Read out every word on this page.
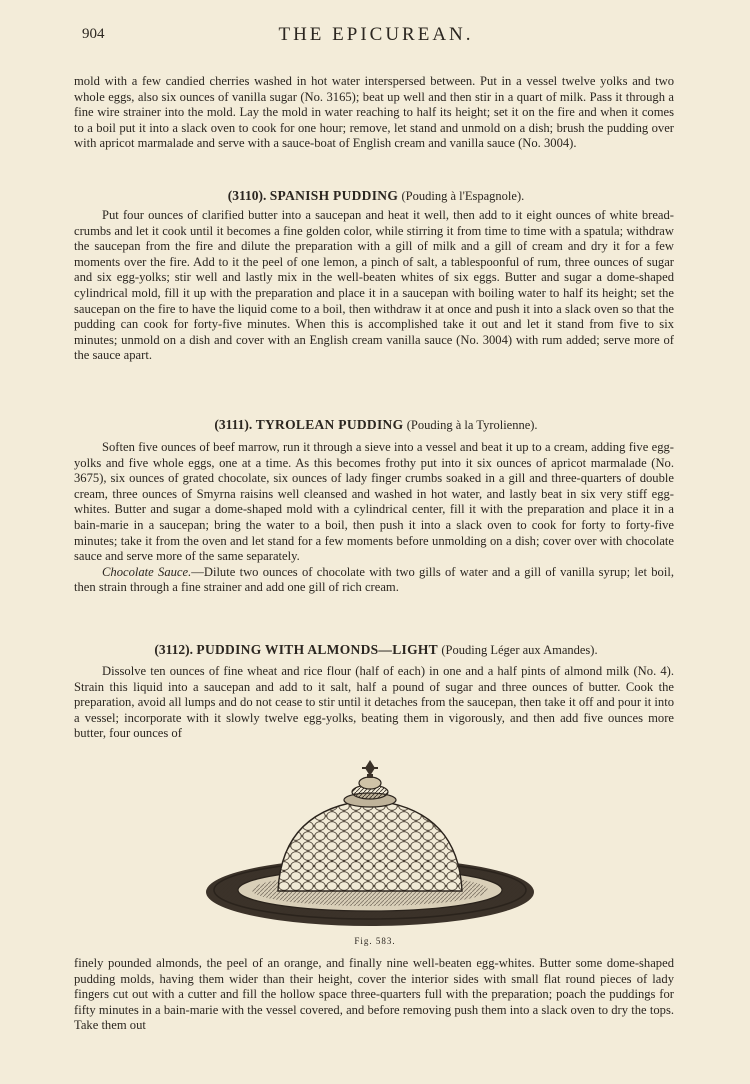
904	THE EPICUREAN.

mold with a few candied cherries washed in hot water interspersed between. Put in a vessel twelve yolks and two whole eggs, also six ounces of vanilla sugar (No. 3165); beat up well and then stir in a quart of milk. Pass it through a fine wire strainer into the mold. Lay the mold in water reaching to half its height; set it on the fire and when it comes to a boil put it into a slack oven to cook for one hour; remove, let stand and unmold on a dish; brush the pudding over with apricot marmalade and serve with a sauce-boat of English cream and vanilla sauce (No. 3004).

(3110). SPANISH PUDDING (Pouding à l'Espagnole).

Put four ounces of clarified butter into a saucepan and heat it well, then add to it eight ounces of white bread-crumbs and let it cook until it becomes a fine golden color, while stirring it from time to time with a spatula; withdraw the saucepan from the fire and dilute the preparation with a gill of milk and a gill of cream and dry it for a few moments over the fire. Add to it the peel of one lemon, a pinch of salt, a tablespoonful of rum, three ounces of sugar and six egg-yolks; stir well and lastly mix in the well-beaten whites of six eggs. Butter and sugar a dome-shaped cylindrical mold, fill it up with the preparation and place it in a saucepan with boiling water to half its height; set the saucepan on the fire to have the liquid come to a boil, then withdraw it at once and push it into a slack oven so that the pudding can cook for forty-five minutes. When this is accomplished take it out and let it stand from five to six minutes; unmold on a dish and cover with an English cream vanilla sauce (No. 3004) with rum added; serve more of the sauce apart.

(3111). TYROLEAN PUDDING (Pouding à la Tyrolienne).

Soften five ounces of beef marrow, run it through a sieve into a vessel and beat it up to a cream, adding five egg-yolks and five whole eggs, one at a time. As this becomes frothy put into it six ounces of apricot marmalade (No. 3675), six ounces of grated chocolate, six ounces of lady finger crumbs soaked in a gill and three-quarters of double cream, three ounces of Smyrna raisins well cleansed and washed in hot water, and lastly beat in six very stiff egg-whites. Butter and sugar a dome-shaped mold with a cylindrical center, fill it with the preparation and place it in a bain-marie in a saucepan; bring the water to a boil, then push it into a slack oven to cook for forty to forty-five minutes; take it from the oven and let stand for a few moments before unmolding on a dish; cover over with chocolate sauce and serve more of the same separately.

Chocolate Sauce.—Dilute two ounces of chocolate with two gills of water and a gill of vanilla syrup; let boil, then strain through a fine strainer and add one gill of rich cream.

(3112). PUDDING WITH ALMONDS—LIGHT (Pouding Léger aux Amandes).

Dissolve ten ounces of fine wheat and rice flour (half of each) in one and a half pints of almond milk (No. 4). Strain this liquid into a saucepan and add to it salt, half a pound of sugar and three ounces of butter. Cook the preparation, avoid all lumps and do not cease to stir until it detaches from the saucepan, then take it off and pour it into a vessel; incorporate with it slowly twelve egg-yolks, beating them in vigorously, and then add five ounces more butter, four ounces of

Fig. 583.

finely pounded almonds, the peel of an orange, and finally nine well-beaten egg-whites. Butter some dome-shaped pudding molds, having them wider than their height, cover the interior sides with small flat round pieces of lady fingers cut out with a cutter and fill the hollow space three-quarters full with the preparation; poach the puddings for fifty minutes in a bain-marie with the vessel covered, and before removing push them into a slack oven to dry the tops. Take them out
